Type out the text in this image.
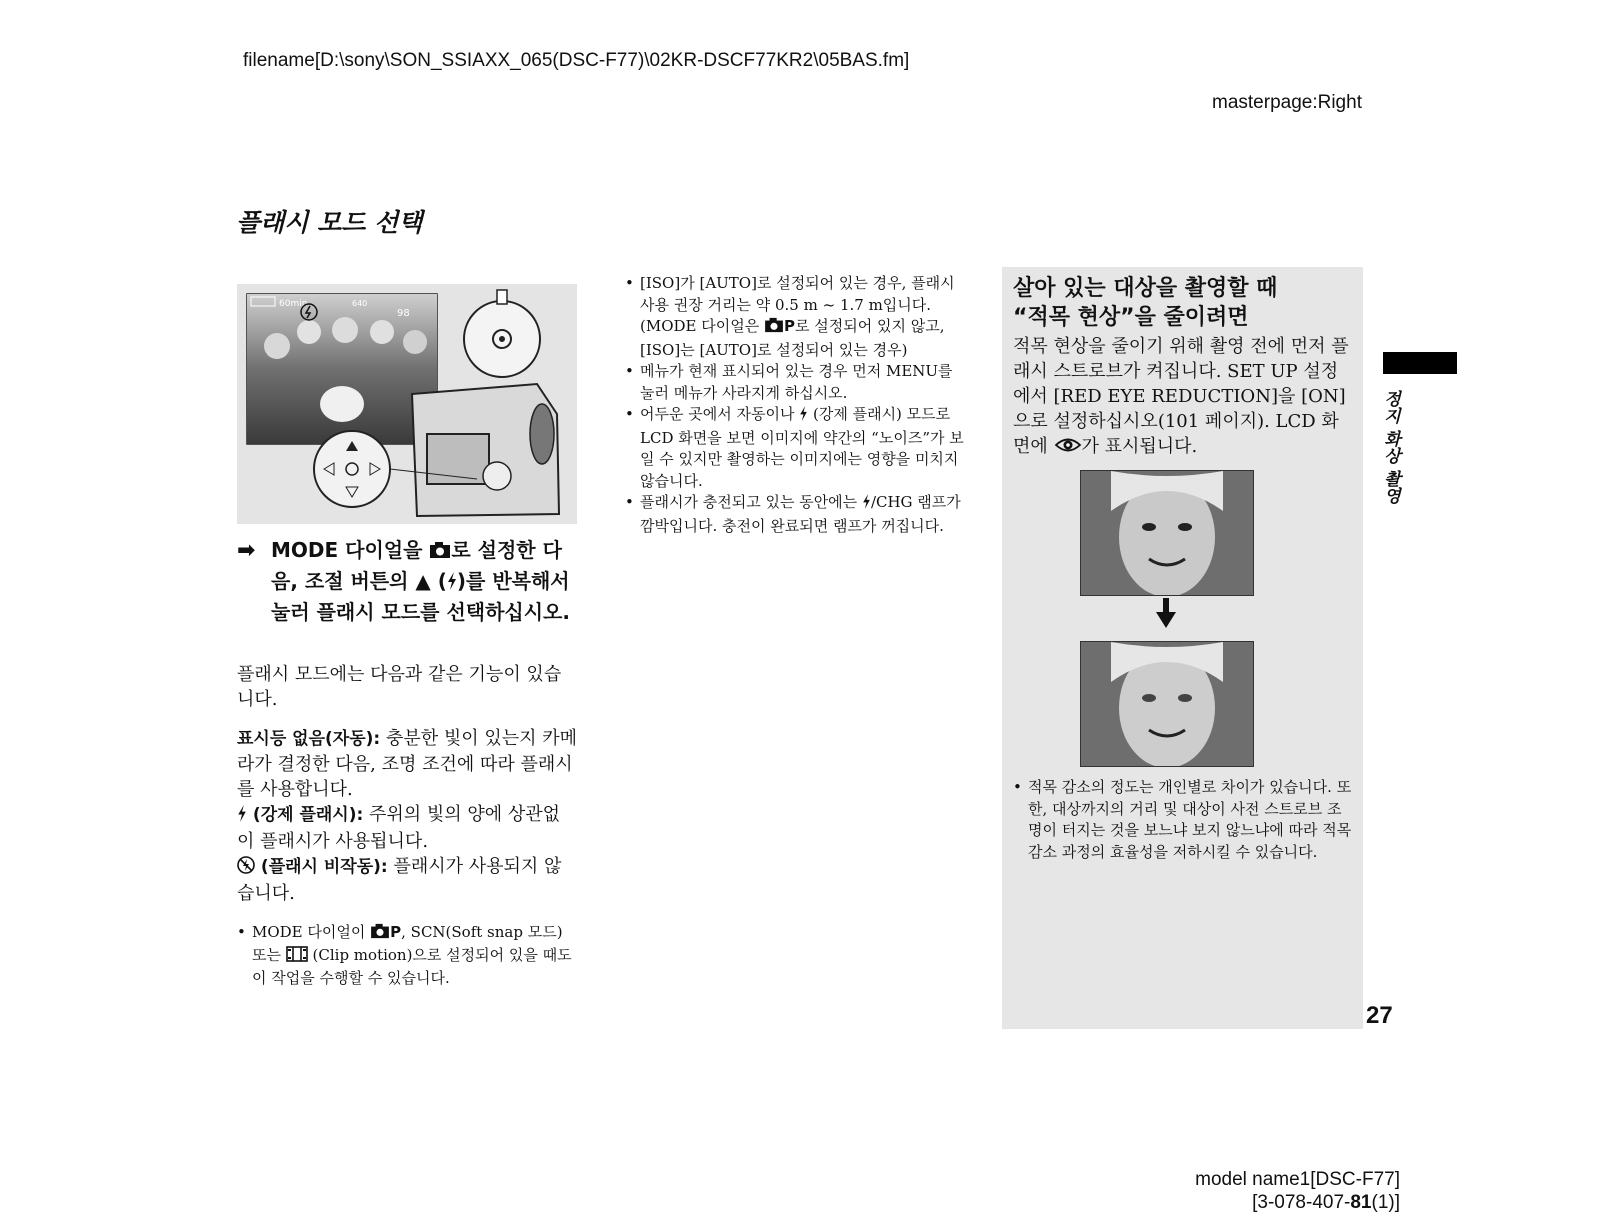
filename[D:\sony\SON_SSIAXX_065(DSC-F77)\02KR-DSCF77KR2\05BAS.fm]
masterpage:Right
플래시 모드 선택
60min	640
98
➡ MODE 다이얼을 로 설정한 다음, 조절 버튼의 ▲ ( )를 반복해서 눌러 플래시 모드를 선택하십시오.
플래시 모드에는 다음과 같은 기능이 있습니다.

표시등 없음(자동): 충분한 빛이 있는지 카메라가 결정한 다음, 조명 조건에 따라 플래시를 사용합니다.

(강제 플래시): 주위의 빛의 양에 상관없이 플래시가 사용됩니다.

(플래시 비작동): 플래시가 사용되지 않습니다.

• MODE 다이얼이 P, SCN(Soft snap 모드) 또는  (Clip motion)으로 설정되어 있을 때도 이 작업을 수행할 수 있습니다.

• [ISO]가 [AUTO]로 설정되어 있는 경우, 플래시 사용 권장 거리는 약 0.5 m ~ 1.7 m입니다. (MODE 다이얼은 P로 설정되어 있지 않고, [ISO]는 [AUTO]로 설정되어 있는 경우)

• 메뉴가 현재 표시되어 있는 경우 먼저 MENU를 눌러 메뉴가 사라지게 하십시오.

• 어두운 곳에서 자동이나  (강제 플래시) 모드로 LCD 화면을 보면 이미지에 약간의 “노이즈”가 보일 수 있지만 촬영하는 이미지에는 영향을 미치지 않습니다.

• 플래시가 충전되고 있는 동안에는 /CHG 램프가 깜박입니다. 충전이 완료되면 램프가 꺼집니다.

살아 있는 대상을 촬영할 때
“적목 현상”을 줄이려면
적목 현상을 줄이기 위해 촬영 전에 먼저 플래시 스트로브가 켜집니다. SET UP 설정에서 [RED EYE REDUCTION]을 [ON]으로 설정하십시오(101 페이지). LCD 화면에 가 표시됩니다.

• 적목 감소의 정도는 개인별로 차이가 있습니다. 또한, 대상까지의 거리 및 대상이 사전 스트로브 조명이 터지는 것을 보느냐 보지 않느냐에 따라 적목 감소 과정의 효율성을 저하시킬 수 있습니다.

정지 화상 촬영
27
model name1[DSC-F77]
[3-078-407-81(1)]
